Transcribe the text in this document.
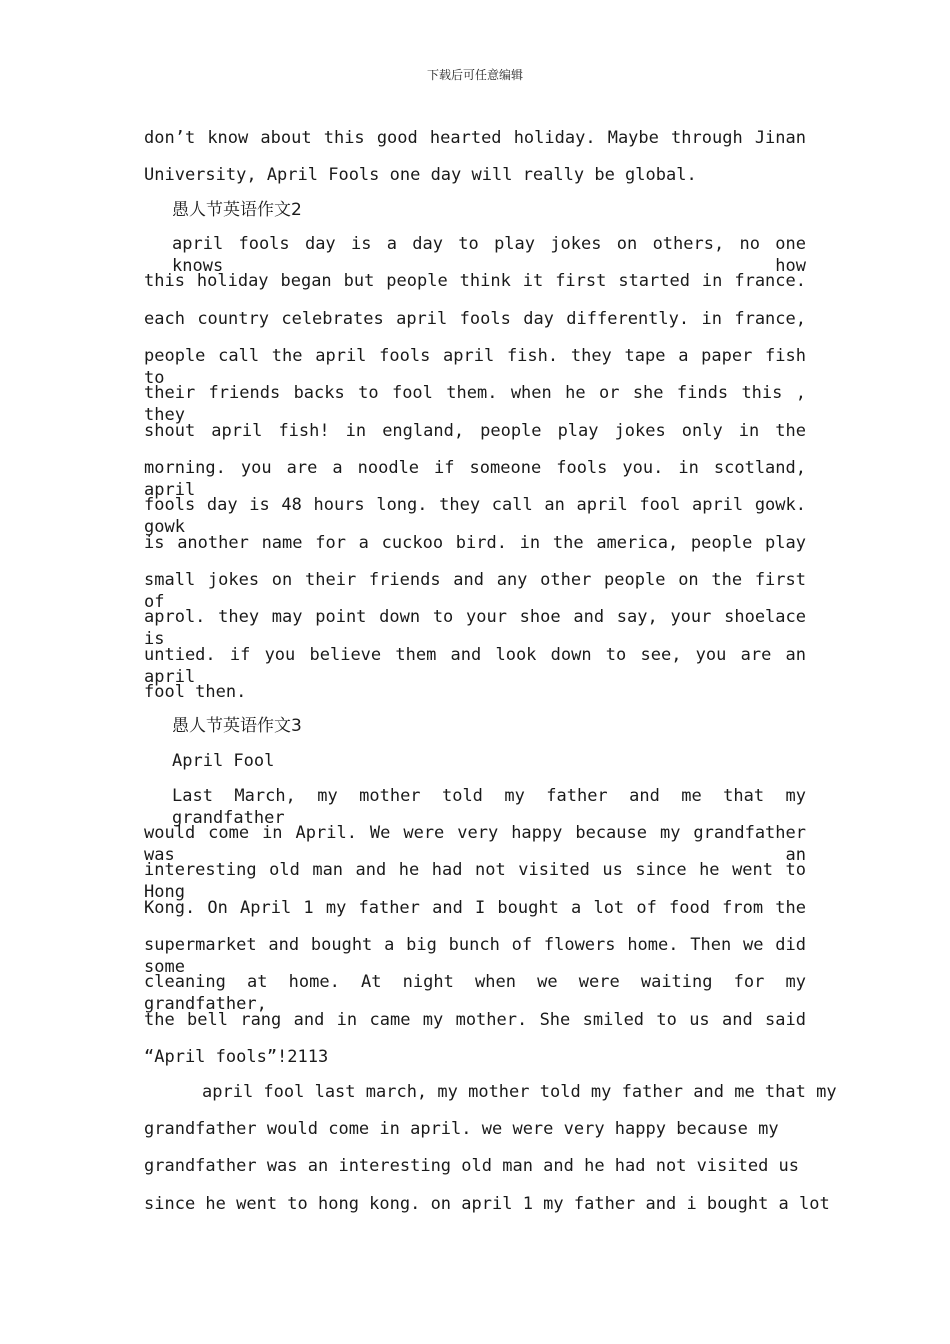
下载后可任意编辑
don’t know about this good hearted holiday. Maybe through Jinan
University, April Fools one day will really be global.
愚人节英语作文2
april fools day is a day to play jokes on others, no one knows how
this holiday began but people think it first started in france.
each country celebrates april fools day differently. in france,
people call the april fools april fish. they tape a paper fish to
their friends backs to fool them. when he or she finds this , they
shout april fish! in england, people play jokes only in the
morning. you are a noodle if someone fools you. in scotland, april
fools day is 48 hours long. they call an april fool april gowk. gowk
is another name for a cuckoo bird. in the america, people play
small jokes on their friends and any other people on the first of
aprol. they may point down to your shoe and say, your shoelace is
untied. if you believe them and look down to see, you are an april
fool then.
愚人节英语作文3
April Fool
Last March, my mother told my father and me that my grandfather
would come in April. We were very happy because my grandfather was an
interesting old man and he had not visited us since he went to Hong
Kong. On April 1 my father and I bought a lot of food from the
supermarket and bought a big bunch of flowers home. Then we did some
cleaning at home. At night when we were waiting for my grandfather,
the bell rang and in came my mother. She smiled to us and said
“April fools”!2113
april fool last march, my mother told my father and me that my
grandfather would come in april. we were very happy because my
grandfather was an interesting old man and he had not visited us
since he went to hong kong. on april 1 my father and i bought a lot
